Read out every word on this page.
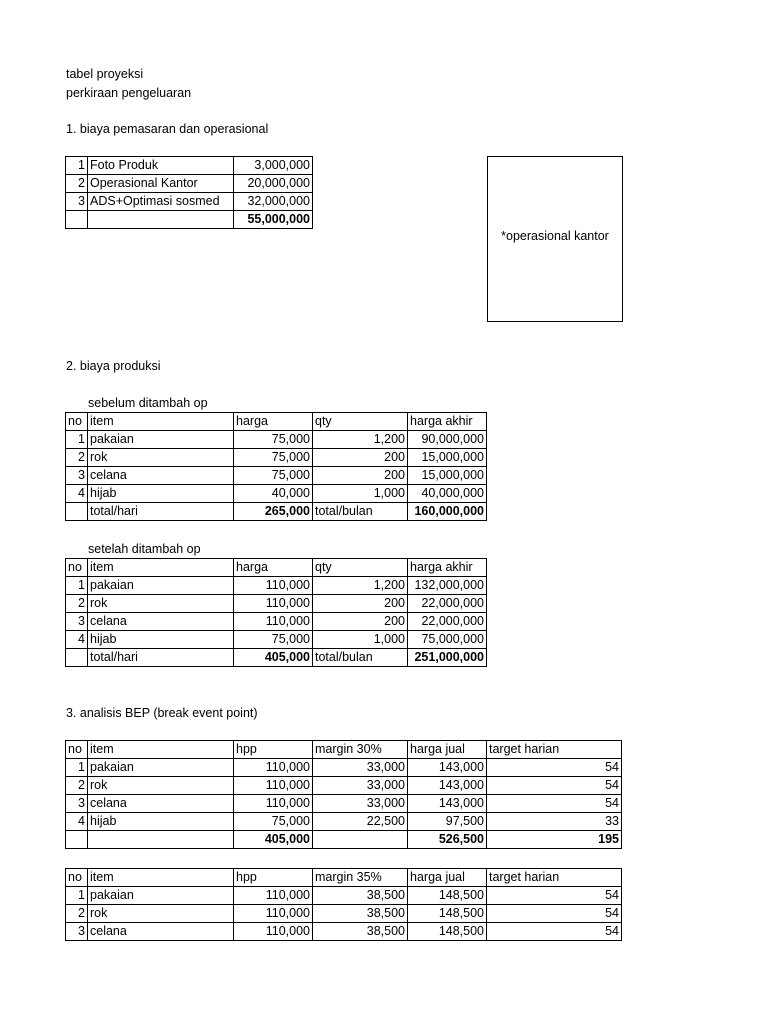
tabel proyeksi
perkiraan pengeluaran
1. biaya pemasaran dan operasional
1	Foto Produk	3,000,000
2	Operasional Kantor	20,000,000
3	ADS+Optimasi sosmed	32,000,000
		55,000,000
*operasional kantor
2. biaya produksi
sebelum ditambah op
no	item	harga	qty	harga akhir
1	pakaian	75,000	1,200	90,000,000
2	rok	75,000	200	15,000,000
3	celana	75,000	200	15,000,000
4	hijab	40,000	1,000	40,000,000
	total/hari	265,000	total/bulan	160,000,000
setelah ditambah op
no	item	harga	qty	harga akhir
1	pakaian	110,000	1,200	132,000,000
2	rok	110,000	200	22,000,000
3	celana	110,000	200	22,000,000
4	hijab	75,000	1,000	75,000,000
	total/hari	405,000	total/bulan	251,000,000
3. analisis BEP (break event point)
no	item	hpp	margin 30%	harga jual	target harian
1	pakaian	110,000	33,000	143,000	54
2	rok	110,000	33,000	143,000	54
3	celana	110,000	33,000	143,000	54
4	hijab	75,000	22,500	97,500	33
		405,000		526,500	195
no	item	hpp	margin 35%	harga jual	target harian
1	pakaian	110,000	38,500	148,500	54
2	rok	110,000	38,500	148,500	54
3	celana	110,000	38,500	148,500	54
